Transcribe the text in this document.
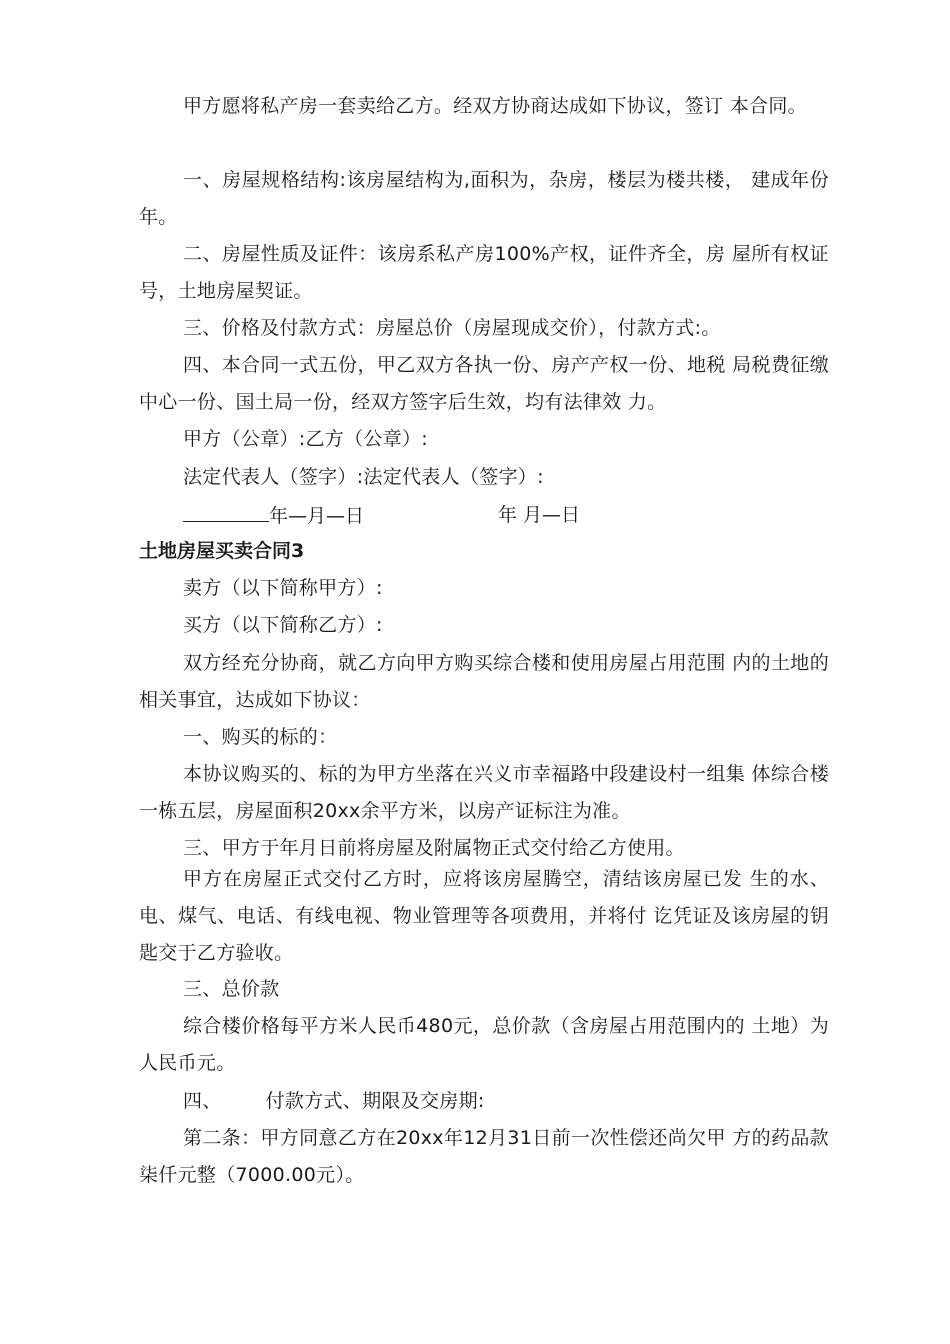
甲方愿将私产房一套卖给乙方。经双方协商达成如下协议，签订 本合同。

一、房屋规格结构:该房屋结构为,面积为，杂房，楼层为楼共楼， 建成年份年。

二、房屋性质及证件：该房系私产房100%产权，证件齐全，房 屋所有权证号，土地房屋契证。

三、价格及付款方式：房屋总价（房屋现成交价），付款方式:。

四、本合同一式五份，甲乙双方各执一份、房产产权一份、地税 局税费征缴中心一份、国土局一份，经双方签字后生效，均有法律效 力。

甲方（公章）:乙方（公章）:

法定代表人（签字）:法定代表人（签字）:

年—月—日	年 月—日
土地房屋买卖合同3

卖方（以下简称甲方）:

买方（以下简称乙方）:

双方经充分协商，就乙方向甲方购买综合楼和使用房屋占用范围 内的土地的相关事宜，达成如下协议：

一、购买的标的：

本协议购买的、标的为甲方坐落在兴义市幸福路中段建设村一组集 体综合楼一栋五层，房屋面积20xx余平方米，以房产证标注为准。

三、甲方于年月日前将房屋及附属物正式交付给乙方使用。

甲方在房屋正式交付乙方时，应将该房屋腾空，清结该房屋已发 生的水、电、煤气、电话、有线电视、物业管理等各项费用，并将付 讫凭证及该房屋的钥匙交于乙方验收。

三、总价款

综合楼价格每平方米人民币480元，总价款（含房屋占用范围内的 土地）为人民币元。

四、 付款方式、期限及交房期:

第二条：甲方同意乙方在20xx年12月31日前一次性偿还尚欠甲 方的药品款柒仟元整（7000.00元）。
